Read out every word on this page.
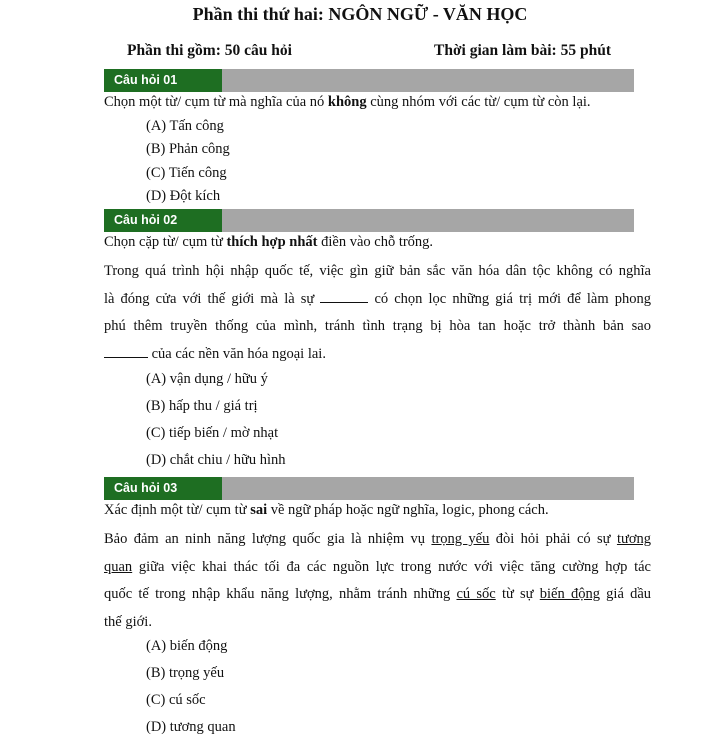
Phần thi thứ hai: NGÔN NGỮ - VĂN HỌC
Phần thi gồm: 50 câu hỏi	Thời gian làm bài: 55 phút
Câu hỏi 01
Chọn một từ/ cụm từ mà nghĩa của nó không cùng nhóm với các từ/ cụm từ còn lại.
(A) Tấn công
(B) Phản công
(C) Tiến công
(D) Đột kích
Câu hỏi 02
Chọn cặp từ/ cụm từ thích hợp nhất điền vào chỗ trống.
Trong quá trình hội nhập quốc tế, việc gìn giữ bản sắc văn hóa dân tộc không có nghĩa
là đóng cửa với thế giới mà là sự	có chọn lọc những giá trị mới để làm phong
phú thêm truyền thống của mình, tránh tình trạng bị hòa tan hoặc trở thành bản sao
của các nền văn hóa ngoại lai.
(A) vận dụng / hữu ý
(B) hấp thu / giá trị
(C) tiếp biến / mờ nhạt
(D) chắt chiu / hữu hình
Câu hỏi 03
Xác định một từ/ cụm từ sai về ngữ pháp hoặc ngữ nghĩa, logic, phong cách.
Bảo đảm an ninh năng lượng quốc gia là nhiệm vụ trọng yếu đòi hỏi phải có sự tương
quan giữa việc khai thác tối đa các nguồn lực trong nước với việc tăng cường hợp tác
quốc tế trong nhập khẩu năng lượng, nhằm tránh những cú sốc từ sự biến động giá dầu
thế giới.
(A) biến động
(B) trọng yếu
(C) cú sốc
(D) tương quan
